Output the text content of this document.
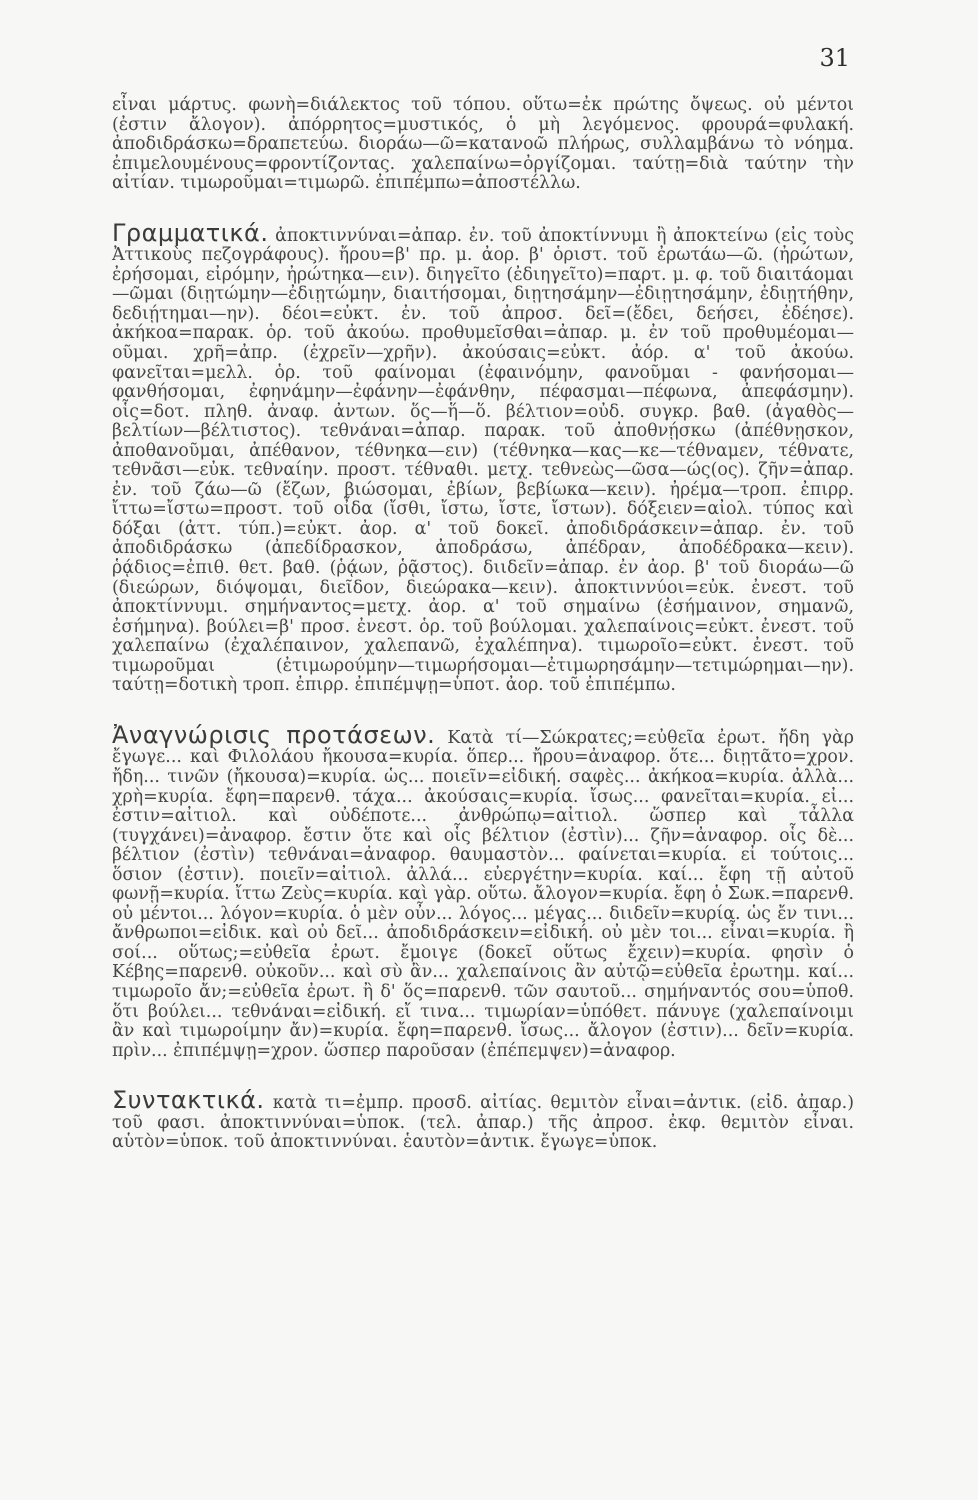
31

εἶναι μάρτυς. φωνὴ=διάλεκτος τοῦ τόπου. οὕτω=ἐκ πρώτης ὄψεως. οὐ μέντοι (ἐστιν ἄλογον). ἀπόρρητος=μυστικός, ὁ μὴ λεγόμενος. φρουρά=φυλακή. ἀποδιδράσκω=δραπετεύω. διοράω—ῶ=κατανοῶ πλήρως, συλλαμβάνω τὸ νόημα. ἐπιμελουμένους=φροντίζοντας. χαλεπαίνω=ὀργίζομαι. ταύτῃ=διὰ ταύτην τὴν αἰτίαν. τιμωροῦμαι=τιμωρῶ. ἐπιπέμπω=ἀποστέλλω.

Γραμματικά. ἀποκτιννύναι=ἀπαρ. ἐν. τοῦ ἀποκτίννυμι ἢ ἀποκτείνω (εἰς τοὺς Ἀττικοὺς πεζογράφους). ἤρου=β' πρ. μ. ἀορ. β' ὁριστ. τοῦ ἐρωτάω—ῶ. (ἠρώτων, ἐρήσομαι, εἰρόμην, ἠρώτηκα—ειν). διηγεῖτο (ἐδιηγεῖτο)=παρτ. μ. φ. τοῦ διαιτάομαι—ῶμαι (διῃτώμην—ἐδιῃτώμην, διαιτήσομαι, διῃτησάμην—ἐδιῃτησάμην, ἐδιῃτήθην, δεδιῄτημαι—ην). δέοι=εὐκτ. ἐν. τοῦ ἀπροσ. δεῖ=(ἔδει, δεήσει, ἐδέησε). ἀκήκοα=παρακ. ὁρ. τοῦ ἀκούω. προθυμεῖσθαι=ἀπαρ. μ. ἐν τοῦ προθυμέομαι—οῦμαι. χρῆ=ἀπρ. (ἐχρεῖν—χρῆν). ἀκούσαις=εὐκτ. ἀόρ. α' τοῦ ἀκούω. φανεῖται=μελλ. ὁρ. τοῦ φαίνομαι (ἐφαινόμην, φανοῦμαι - φανήσομαι—φανθήσομαι, ἐφηνάμην—ἐφάνην—ἐφάνθην, πέφασμαι—πέφωνα, ἀπεφάσμην). οἷς=δοτ. πληθ. ἀναφ. ἀντων. ὅς—ἥ—ὅ. βέλτιον=οὐδ. συγκρ. βαθ. (ἀγαθὸς—βελτίων—βέλτιστος). τεθνάναι=ἀπαρ. παρακ. τοῦ ἀποθνῄσκω (ἀπέθνῃσκον, ἀποθανοῦμαι, ἀπέθανον, τέθνηκα—ειν) (τέθνηκα—κας—κε—τέθναμεν, τέθνατε, τεθνᾶσι—εὐκ. τεθναίην. προστ. τέθναθι. μετχ. τεθνεὼς—ῶσα—ώς(ος). ζῆν=ἀπαρ. ἐν. τοῦ ζάω—ῶ (ἔζων, βιώσομαι, ἐβίων, βεβίωκα—κειν). ἠρέμα—τροπ. ἐπιρρ. ἴττω=ἴστω=προστ. τοῦ οἶδα (ἴσθι, ἴστω, ἴστε, ἴστων). δόξειεν=αἰολ. τύπος καὶ δόξαι (ἀττ. τύπ.)=εὐκτ. ἀορ. α' τοῦ δοκεῖ. ἀποδιδράσκειν=ἀπαρ. ἐν. τοῦ ἀποδιδράσκω (ἀπεδίδρασκον, ἀποδράσω, ἀπέδραν, ἀποδέδρακα—κειν). ῥᾴδιος=ἐπιθ. θετ. βαθ. (ῥᾴων, ῥᾷστος). διιδεῖν=ἀπαρ. ἐν ἀορ. β' τοῦ διοράω—ῶ (διεώρων, διόψομαι, διεῖδον, διεώρακα—κειν). ἀποκτιννύοι=εὐκ. ἐνεστ. τοῦ ἀποκτίννυμι. σημήναντος=μετχ. ἀορ. α' τοῦ σημαίνω (ἐσήμαινον, σημανῶ, ἐσήμηνα). βούλει=β' προσ. ἐνεστ. ὁρ. τοῦ βούλομαι. χαλεπαίνοις=εὐκτ. ἐνεστ. τοῦ χαλεπαίνω (ἐχαλέπαινον, χαλεπανῶ, ἐχαλέπηνα). τιμωροῖο=εὐκτ. ἐνεστ. τοῦ τιμωροῦμαι (ἐτιμωρούμην—τιμωρήσομαι—ἐτιμωρησάμην—τετιμώρημαι—ην). ταύτῃ=δοτικὴ τροπ. ἐπιρρ. ἐπιπέμψῃ=ὑποτ. ἀορ. τοῦ ἐπιπέμπω.

Ἀναγνώρισις προτάσεων. Κατὰ τί—Σώκρατες;=εὐθεῖα ἐρωτ. ἤδη γὰρ ἔγωγε... καὶ Φιλολάου ἤκουσα=κυρία. ὅπερ... ἤρου=ἀναφορ. ὅτε... διῃτᾶτο=χρον. ἤδη... τινῶν (ἤκουσα)=κυρία. ὡς... ποιεῖν=εἰδική. σαφὲς... ἀκήκοα=κυρία. ἀλλὰ... χρὴ=κυρία. ἔφη=παρενθ. τάχα... ἀκούσαις=κυρία. ἴσως... φανεῖται=κυρία. εἰ... ἐστιν=αἰτιολ. καὶ οὐδέποτε... ἀνθρώπῳ=αἰτιολ. ὥσπερ καὶ τἆλλα (τυγχάνει)=ἀναφορ. ἔστιν ὅτε καὶ οἷς βέλτιον (ἐστὶν)... ζῆν=ἀναφορ. οἷς δὲ... βέλτιον (ἐστὶν) τεθνάναι=ἀναφορ. θαυμαστὸν... φαίνεται=κυρία. εἰ τούτοις... ὅσιον (ἐστιν). ποιεῖν=αἰτιολ. ἀλλά... εὐεργέτην=κυρία. καί... ἔφη τῇ αὐτοῦ φωνῇ=κυρία. ἴττω Ζεὺς=κυρία. καὶ γὰρ. οὕτω. ἄλογον=κυρία. ἔφη ὁ Σωκ.=παρενθ. οὐ μέντοι... λόγον=κυρία. ὁ μὲν οὖν... λόγος... μέγας... διιδεῖν=κυρία. ὡς ἔν τινι... ἄνθρωποι=εἰδικ. καὶ οὐ δεῖ... ἀποδιδράσκειν=εἰδική. οὐ μὲν τοι... εἶναι=κυρία. ἢ σοί... οὕτως;=εὐθεῖα ἐρωτ. ἔμοιγε (δοκεῖ οὕτως ἔχειν)=κυρία. φησὶν ὁ Κέβης=παρενθ. οὐκοῦν... καὶ σὺ ἂν... χαλεπαίνοις ἂν αὐτῷ=εὐθεῖα ἐρωτημ. καί... τιμωροῖο ἄν;=εὐθεῖα ἐρωτ. ἢ δ' ὅς=παρενθ. τῶν σαυτοῦ... σημήναντός σου=ὑποθ. ὅτι βούλει... τεθνάναι=εἰδική. εἴ τινα... τιμωρίαν=ὑπόθετ. πάνυγε (χαλεπαίνοιμι ἂν καὶ τιμωροίμην ἄν)=κυρία. ἔφη=παρενθ. ἴσως... ἄλογον (ἐστιν)... δεῖν=κυρία. πρὶν... ἐπιπέμψῃ=χρον. ὥσπερ παροῦσαν (ἐπέπεμψεν)=ἀναφορ.

Συντακτικά. κατὰ τι=ἐμπρ. προσδ. αἰτίας. θεμιτὸν εἶναι=ἀντικ. (εἰδ. ἀπαρ.) τοῦ φασι. ἀποκτιννύναι=ὑποκ. (τελ. ἀπαρ.) τῆς ἀπροσ. ἐκφ. θεμιτὸν εἶναι. αὑτὸν=ὑποκ. τοῦ ἀποκτιννύναι. ἑαυτὸν=ἀντικ. ἔγωγε=ὑποκ.
